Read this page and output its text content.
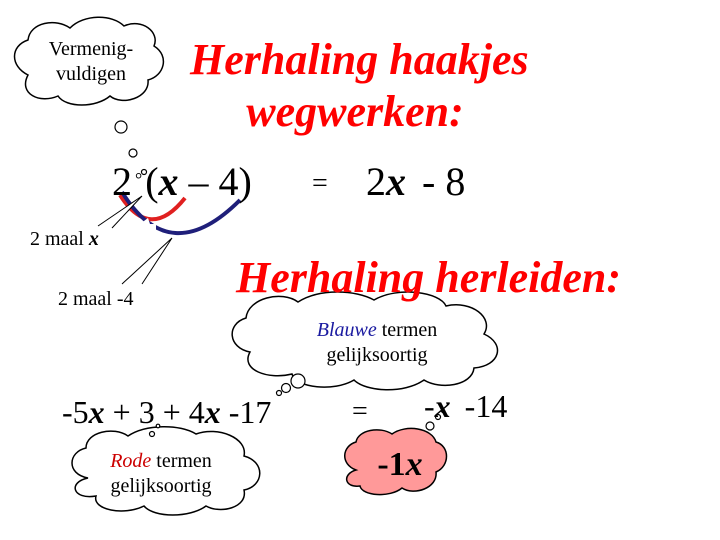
Vermenig-
vuldigen	Herhaling haakjes
wegwerken:
2 °(x – 4) = 2x - 8
2 maal x
2 maal -4 Herhaling herleiden:
Blauwe termen
gelijksoortig
-5x + 3 + 4x -17	= -x -14
Rode termen
gelijksoortig
-1x
